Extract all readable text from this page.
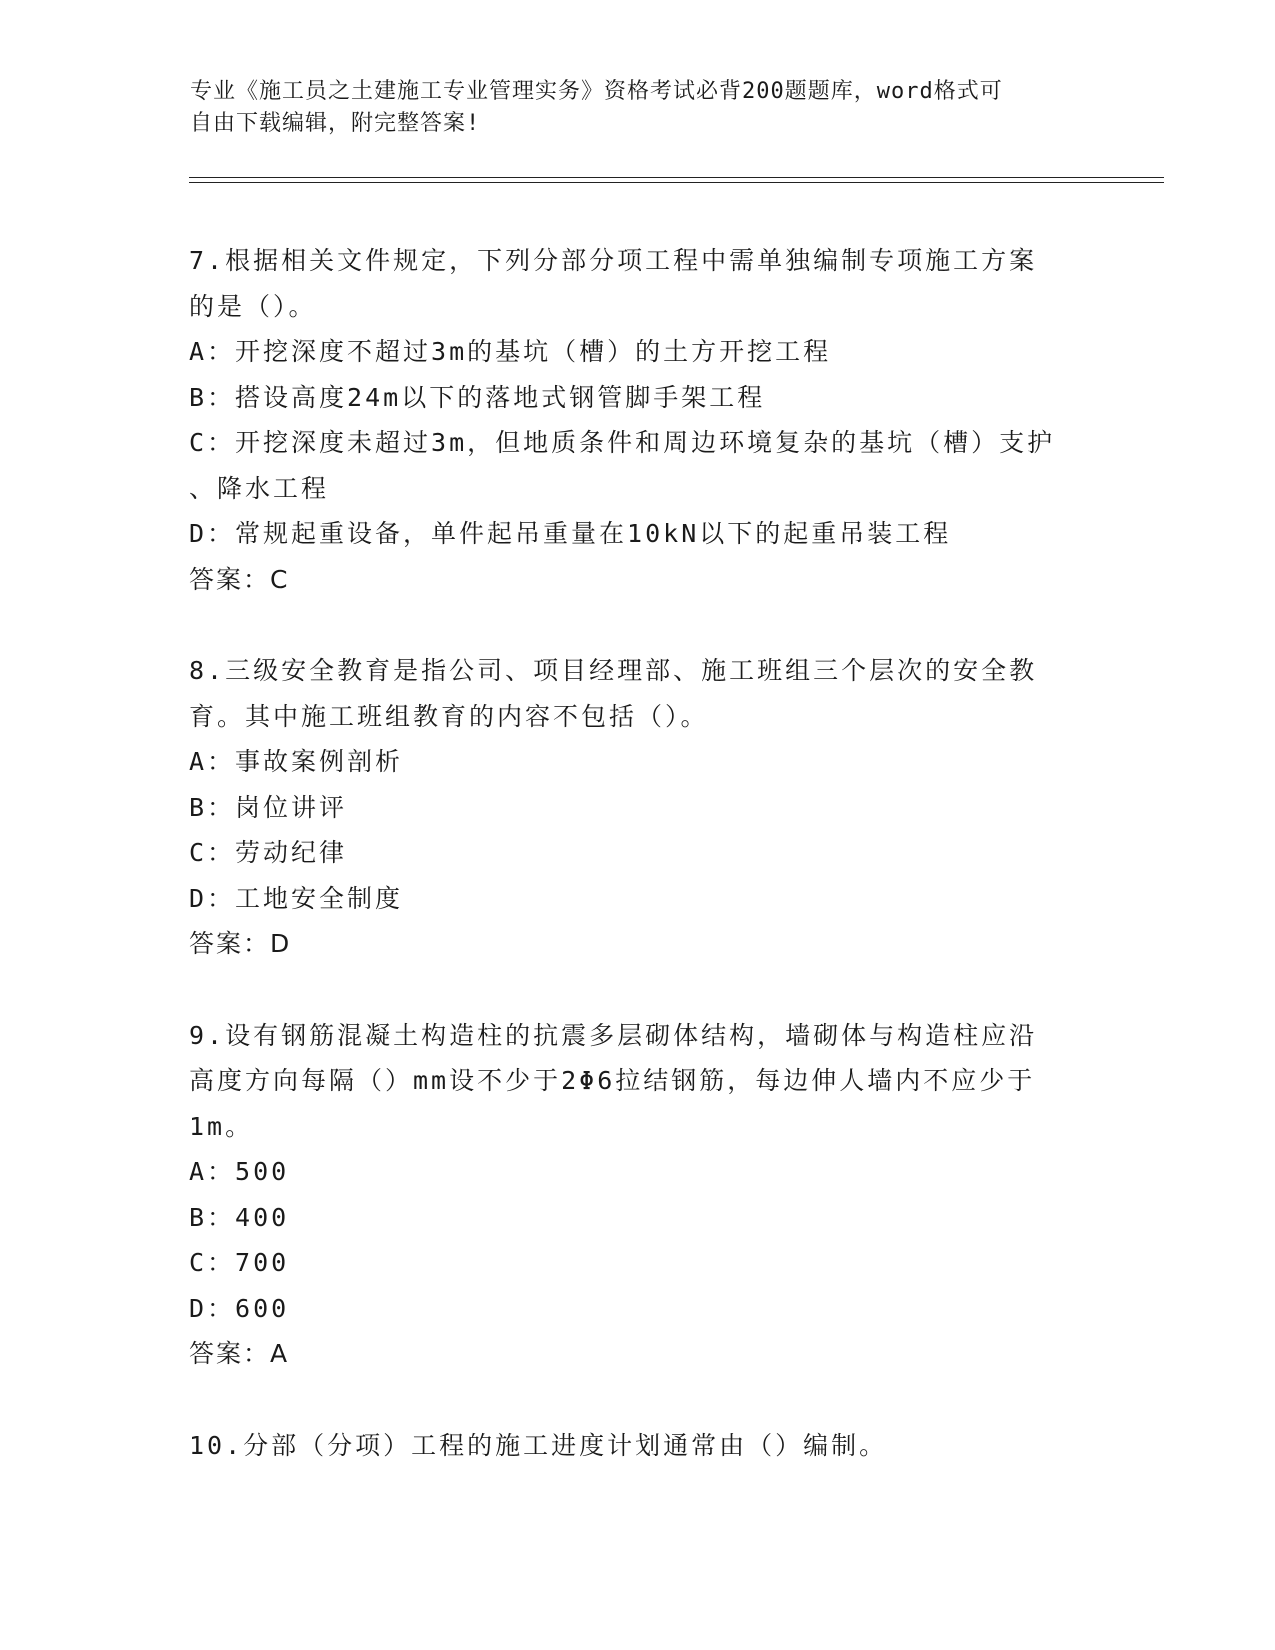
专业《施工员之土建施工专业管理实务》资格考试必背200题题库，word格式可
自由下载编辑，附完整答案!
7.根据相关文件规定，下列分部分项工程中需单独编制专项施工方案
的是（）。
A：开挖深度不超过3m的基坑（槽）的土方开挖工程
B：搭设高度24m以下的落地式钢管脚手架工程
C：开挖深度未超过3m，但地质条件和周边环境复杂的基坑（槽）支护
、降水工程
D：常规起重设备，单件起吊重量在10kN以下的起重吊装工程
答案：C
8.三级安全教育是指公司、项目经理部、施工班组三个层次的安全教
育。其中施工班组教育的内容不包括（）。
A：事故案例剖析
B：岗位讲评
C：劳动纪律
D：工地安全制度
答案：D
9.设有钢筋混凝土构造柱的抗震多层砌体结构，墙砌体与构造柱应沿
高度方向每隔（）mm设不少于2Φ6拉结钢筋，每边伸人墙内不应少于
1m。
A：500
B：400
C：700
D：600
答案：A
10.分部（分项）工程的施工进度计划通常由（）编制。
